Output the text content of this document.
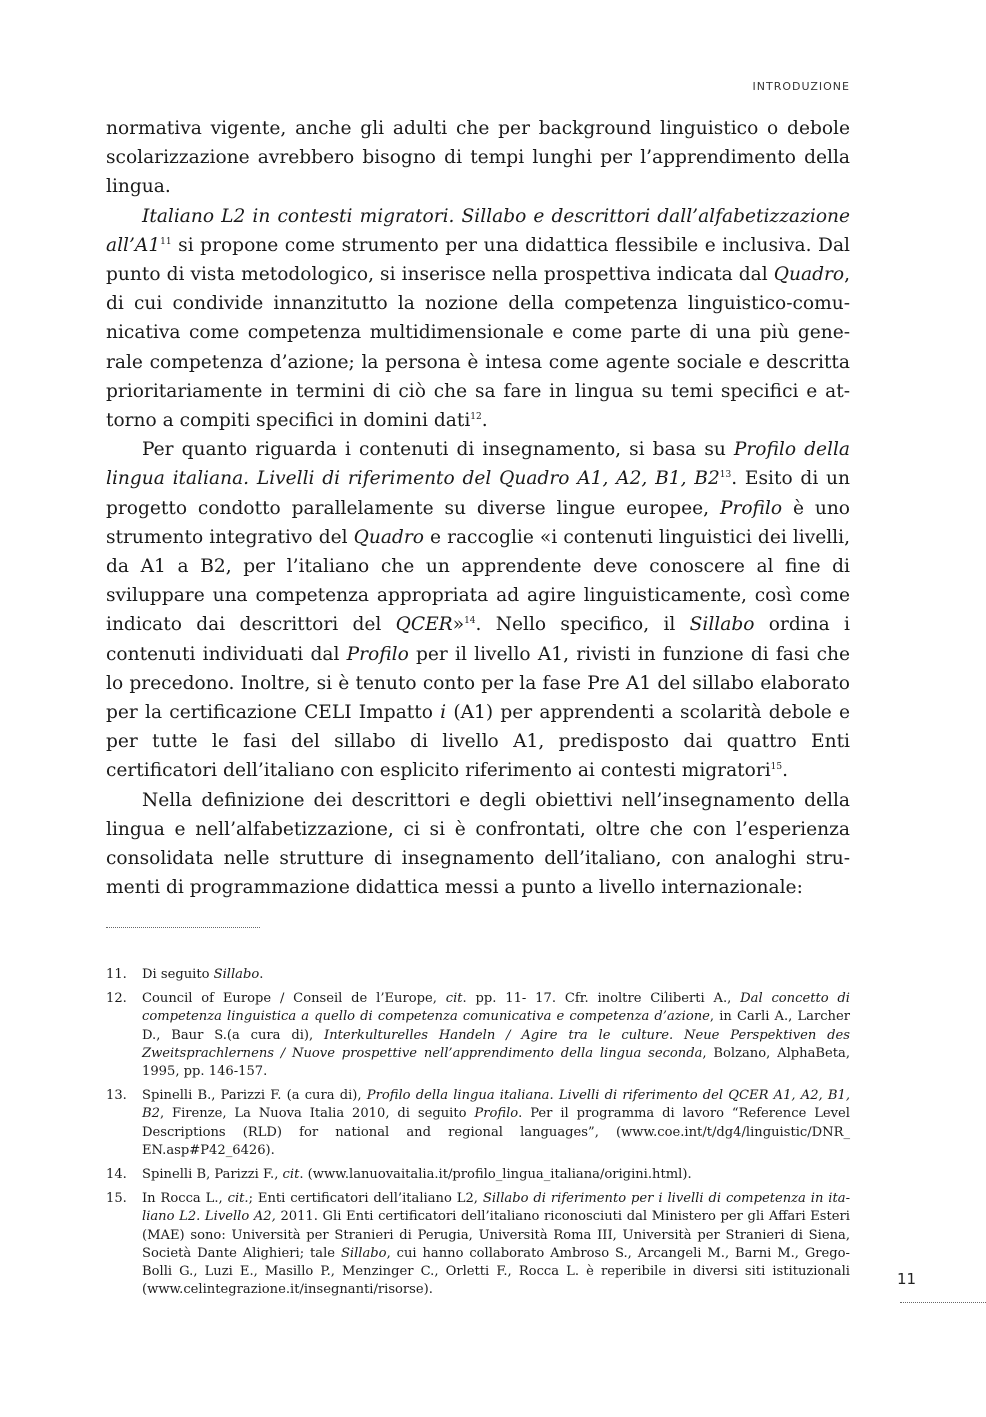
INTRODUZIONE

normativa vigente, anche gli adulti che per background linguistico o debole scolarizzazione avrebbero bisogno di tempi lunghi per l’apprendimento della lingua.

Italiano L2 in contesti migratori. Sillabo e descrittori dall’alfabetizzazione $all’A1^{11}$ si propone come strumento per una didattica flessibile e inclusiva. Dal punto di vista metodologico, si inserisce nella prospettiva indicata dal Quadro, di cui condivide innanzitutto la nozione della competenza linguistico-comunicativa come competenza multidimensionale e come parte di una più generale competenza d’azione; la persona è intesa come agente sociale e descritta prioritariamente in termini di ciò che sa fare in lingua su temi specifici e attorno a compiti specifici in domini dati$^{12}$.

Per quanto riguarda i contenuti di insegnamento, si basa su Profilo della lingua italiana. Livelli di riferimento del Quadro A1, A2, B1, $B2^{13}$. Esito di un progetto condotto parallelamente su diverse lingue europee, Profilo è uno strumento integrativo del Quadro e raccoglie «i contenuti linguistici dei livelli, da A1 a B2, per l’italiano che un apprendente deve conoscere al fine di sviluppare una competenza appropriata ad agire linguisticamente, così come indicato dai descrittori del QCER»$^{14}$. Nello specifico, il Sillabo ordina i contenuti individuati dal Profilo per il livello A1, rivisti in funzione di fasi che lo precedono. Inoltre, si è tenuto conto per la fase Pre A1 del sillabo elaborato per la certificazione CELI Impatto i (A1) per apprendenti a scolarità debole e per tutte le fasi del sillabo di livello A1, predisposto dai quattro Enti certificatori dell’italiano con esplicito riferimento ai contesti migratori$^{15}$.

Nella definizione dei descrittori e degli obiettivi nell’insegnamento della lingua e nell’alfabetizzazione, ci si è confrontati, oltre che con l’esperienza consolidata nelle strutture di insegnamento dell’italiano, con analoghi strumenti di programmazione didattica messi a punto a livello internazionale:

11.	Di seguito Sillabo.
12.	Council of Europe / Conseil de l’Europe, cit. pp. 11- 17. Cfr. inoltre Ciliberti A., Dal concetto di competenza linguistica a quello di competenza comunicativa e competenza d’azione, in Carli A., Larcher D., Baur S.(a cura di), Interkulturelles Handeln / Agire tra le culture. Neue Perspektiven des Zweitsprachlernens / Nuove prospettive nell’apprendimento della lingua seconda, Bolzano, AlphaBeta, 1995, pp. 146-157.
13.	Spinelli B., Parizzi F. (a cura di), Profilo della lingua italiana. Livelli di riferimento del QCER A1, A2, B1, B2, Firenze, La Nuova Italia 2010, di seguito Profilo. Per il programma di lavoro “Reference Level Descriptions (RLD) for national and regional languages”, (www.coe.int/t/dg4/linguistic/DNR_ EN.asp#P42_6426).
14.	Spinelli B, Parizzi F., cit. (www.lanuovaitalia.it/profilo_lingua_italiana/origini.html).
15.	In Rocca L., cit.; Enti certificatori dell’italiano L2, Sillabo di riferimento per i livelli di competenza in italiano L2. Livello A2, 2011. Gli Enti certificatori dell’italiano riconosciuti dal Ministero per gli Affari Esteri (MAE) sono: Università per Stranieri di Perugia, Università Roma III, Università per Stranieri di Siena, Società Dante Alighieri; tale Sillabo, cui hanno collaborato Ambroso S., Arcangeli M., Barni M., Grego-Bolli G., Luzi E., Masillo P., Menzinger C., Orletti F., Rocca L. è reperibile in diversi siti istituzionali (www.celintegrazione.it/insegnanti/risorse).
11
